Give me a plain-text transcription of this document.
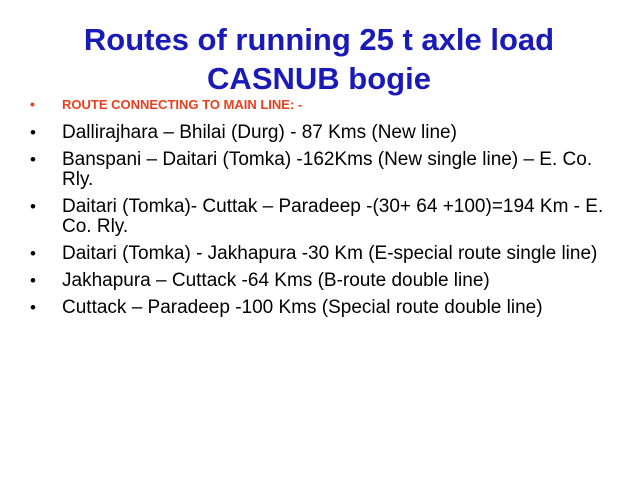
Routes of running 25 t axle load
CASNUB bogie
• ROUTE CONNECTING TO MAIN LINE: -
• Dallirajhara – Bhilai (Durg) - 87 Kms (New line)
• Banspani – Daitari (Tomka) -162Kms (New single line) – E. Co. Rly.
• Daitari (Tomka)- Cuttak – Paradeep -(30+ 64 +100)=194 Km - E. Co. Rly.
• Daitari (Tomka) - Jakhapura -30 Km (E-special route single line)
• Jakhapura – Cuttack -64 Kms (B-route double line)
• Cuttack – Paradeep -100 Kms (Special route double line)
